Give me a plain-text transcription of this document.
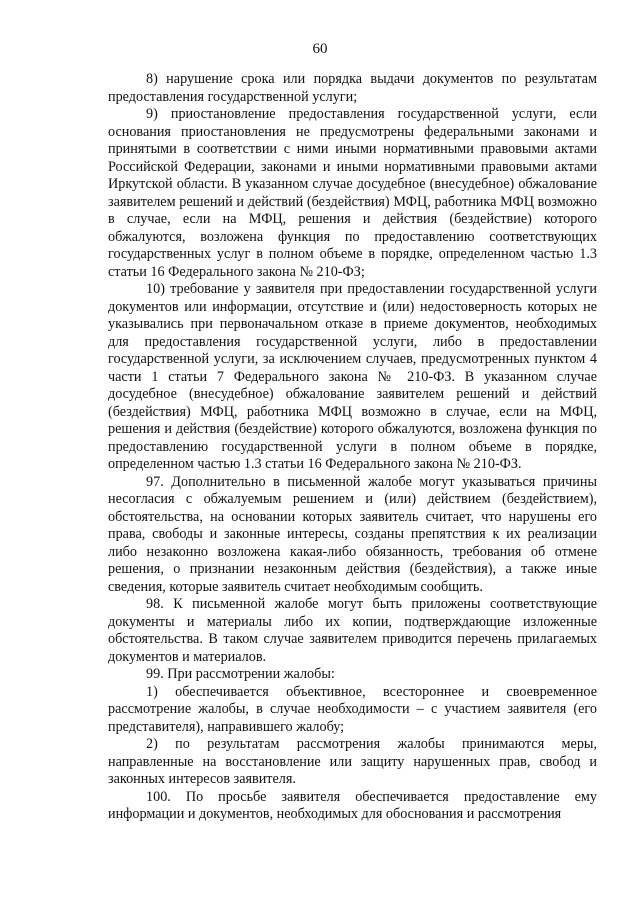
60

8) нарушение срока или порядка выдачи документов по результатам предоставления государственной услуги;

9) приостановление предоставления государственной услуги, если основания приостановления не предусмотрены федеральными законами и принятыми в соответствии с ними иными нормативными правовыми актами Российской Федерации, законами и иными нормативными правовыми актами Иркутской области. В указанном случае досудебное (внесудебное) обжалование заявителем решений и действий (бездействия) МФЦ, работника МФЦ возможно в случае, если на МФЦ, решения и действия (бездействие) которого обжалуются, возложена функция по предоставлению соответствующих государственных услуг в полном объеме в порядке, определенном частью 1.3 статьи 16 Федерального закона № 210-ФЗ;

10) требование у заявителя при предоставлении государственной услуги документов или информации, отсутствие и (или) недостоверность которых не указывались при первоначальном отказе в приеме документов, необходимых для предоставления государственной услуги, либо в предоставлении государственной услуги, за исключением случаев, предусмотренных пунктом 4 части 1 статьи 7 Федерального закона № 210-ФЗ. В указанном случае досудебное (внесудебное) обжалование заявителем решений и действий (бездействия) МФЦ, работника МФЦ возможно в случае, если на МФЦ, решения и действия (бездействие) которого обжалуются, возложена функция по предоставлению государственной услуги в полном объеме в порядке, определенном частью 1.3 статьи 16 Федерального закона № 210-ФЗ.

97. Дополнительно в письменной жалобе могут указываться причины несогласия с обжалуемым решением и (или) действием (бездействием), обстоятельства, на основании которых заявитель считает, что нарушены его права, свободы и законные интересы, созданы препятствия к их реализации либо незаконно возложена какая-либо обязанность, требования об отмене решения, о признании незаконным действия (бездействия), а также иные сведения, которые заявитель считает необходимым сообщить.

98. К письменной жалобе могут быть приложены соответствующие документы и материалы либо их копии, подтверждающие изложенные обстоятельства. В таком случае заявителем приводится перечень прилагаемых документов и материалов.

99. При рассмотрении жалобы:

1) обеспечивается объективное, всестороннее и своевременное рассмотрение жалобы, в случае необходимости – с участием заявителя (его представителя), направившего жалобу;

2) по результатам рассмотрения жалобы принимаются меры, направленные на восстановление или защиту нарушенных прав, свобод и законных интересов заявителя.

100. По просьбе заявителя обеспечивается предоставление ему информации и документов, необходимых для обоснования и рассмотрения
